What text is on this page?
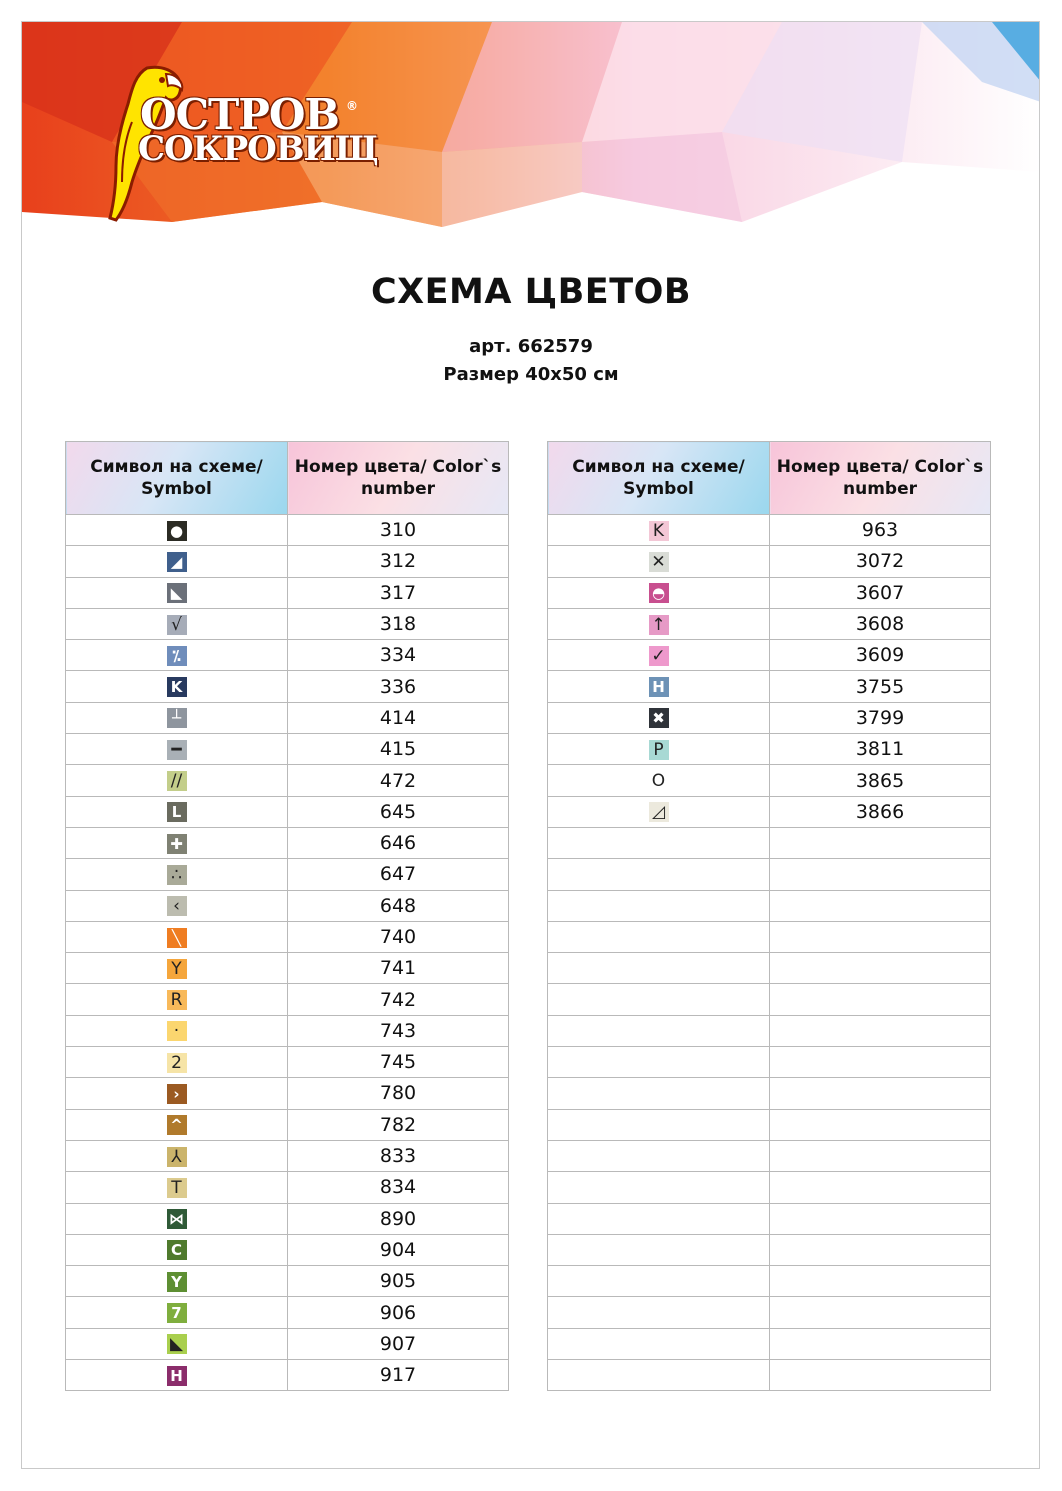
ОСТРОВ
СОКРОВИЩ
®
СХЕМА ЦВЕТОВ
арт. 662579
Размер 40х50 см
Символ на схеме/ Symbol	Номер цвета/ Color`s number
●	310
◢	312
◣	317
√	318
⁒	334
K	336
┴	414
━	415
//	472
L	645
✚	646
∴	647
‹	648
╲	740
Y	741
R	742
·	743
2	745
›	780
^	782
⅄	833
T	834
⋈	890
C	904
Y	905
7	906
◣	907
H	917
Символ на схеме/ Symbol	Номер цвета/ Color`s number
K	963
✕	3072
◓	3607
↑	3608
✓	3609
H	3755
✖	3799
P	3811
O	3865
◿	3866
